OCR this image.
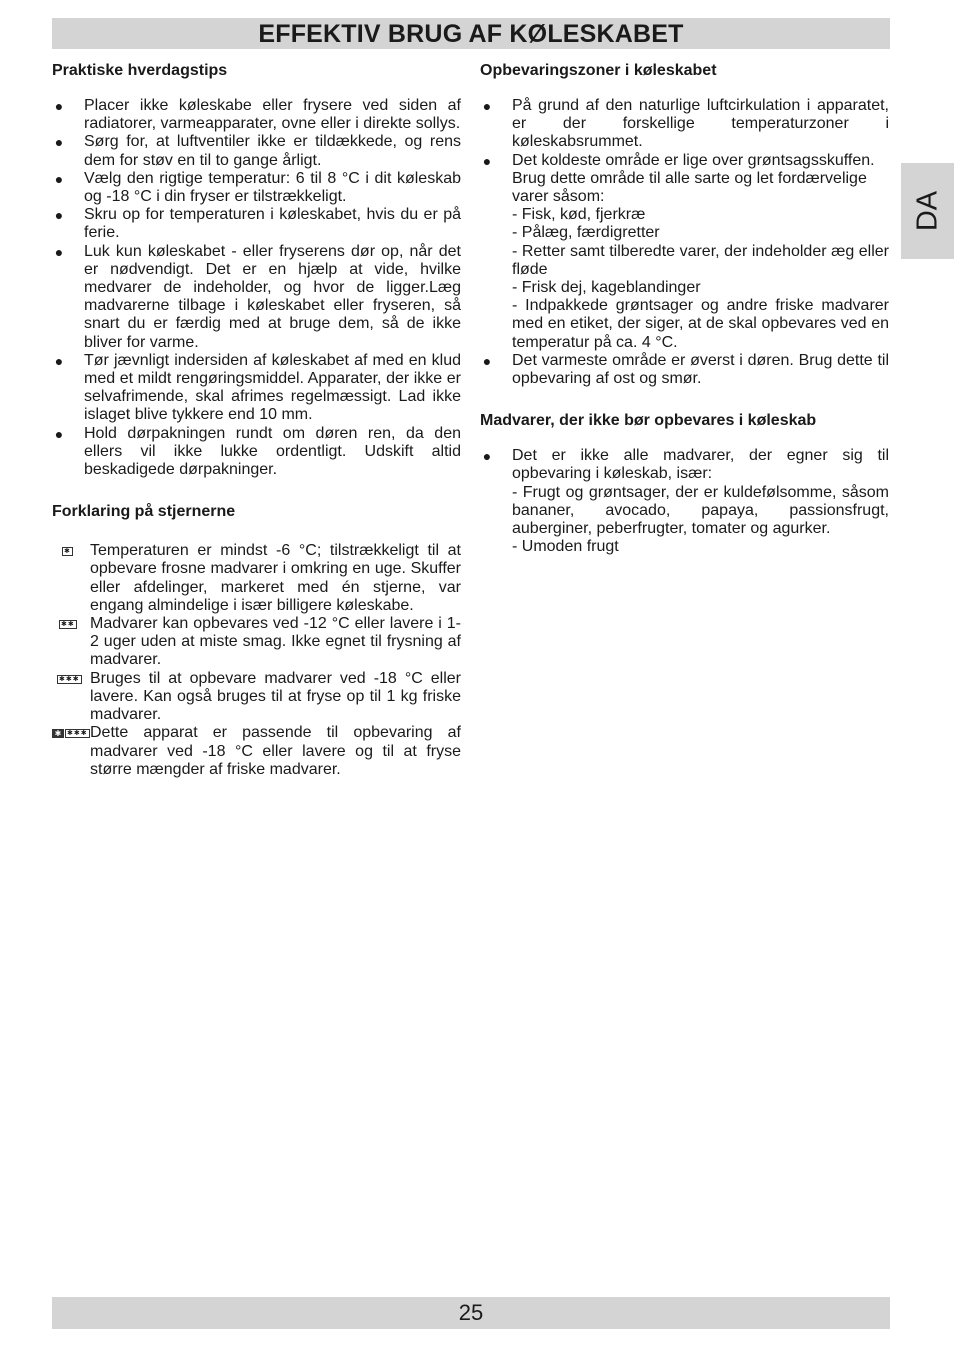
EFFEKTIV BRUG AF KØLESKABET
DA
Praktiske hverdagstips
● Placer ikke køleskabe eller frysere ved siden af radiatorer, varmeapparater, ovne eller i direkte sollys.

● Sørg for, at luftventiler ikke er tildækkede, og rens dem for støv en til to gange årligt.

● Vælg den rigtige temperatur: 6 til 8 °C i dit køleskab og -18 °C i din fryser er tilstrækkeligt.

● Skru op for temperaturen i køleskabet, hvis du er på ferie.

● Luk kun køleskabet - eller fryserens dør op, når det er nødvendigt. Det er en hjælp at vide, hvilke medvarer de indeholder, og hvor de ligger.Læg madvarerne tilbage i køleskabet eller fryseren, så snart du er færdig med at bruge dem, så de ikke bliver for varme.

● Tør jævnligt indersiden af køleskabet af med en klud med et mildt rengøringsmiddel. Apparater, der ikke er selvafrimende, skal afrimes regelmæssigt. Lad ikke islaget blive tykkere end 10 mm.

● Hold dørpakningen rundt om døren ren, da den ellers vil ikke lukke ordentligt. Udskift altid beskadigede dørpakninger.

Forklaring på stjernerne
✱ Temperaturen er mindst -6 °C; tilstrækkeligt til at opbevare frosne madvarer i omkring en uge. Skuffer eller afdelinger, markeret med én stjerne, var engang almindelige i især billigere køleskabe.

✱✱ Madvarer kan opbevares ved -12 °C eller lavere i 1-2 uger uden at miste smag. Ikke egnet til frysning af madvarer.

✱✱✱ Bruges til at opbevare madvarer ved -18 °C eller lavere. Kan også bruges til at fryse op til 1 kg friske madvarer.

✱ ✱✱✱ Dette apparat er passende til opbevaring af madvarer ved -18 °C eller lavere og til at fryse større mængder af friske madvarer.

Opbevaringszoner i køleskabet
● På grund af den naturlige luftcirkulation i apparatet, er der forskellige temperaturzoner i køleskabsrummet.

● Det koldeste område er lige over grøntsagsskuffen. Brug dette område til alle sarte og let fordærvelige varer såsom:

- Fisk, kød, fjerkræ

- Pålæg, færdigretter

- Retter samt tilberedte varer, der indeholder æg eller fløde

- Frisk dej, kageblandinger

- Indpakkede grøntsager og andre friske madvarer med en etiket, der siger, at de skal opbevares ved en temperatur på ca. 4 °C.

● Det varmeste område er øverst i døren. Brug dette til opbevaring af ost og smør.

Madvarer, der ikke bør opbevares i køleskab
● Det er ikke alle madvarer, der egner sig til opbevaring i køleskab, især:

- Frugt og grøntsager, der er kuldefølsomme, såsom bananer, avocado, papaya, passionsfrugt, auberginer, peberfrugter, tomater og agurker.

- Umoden frugt

25
